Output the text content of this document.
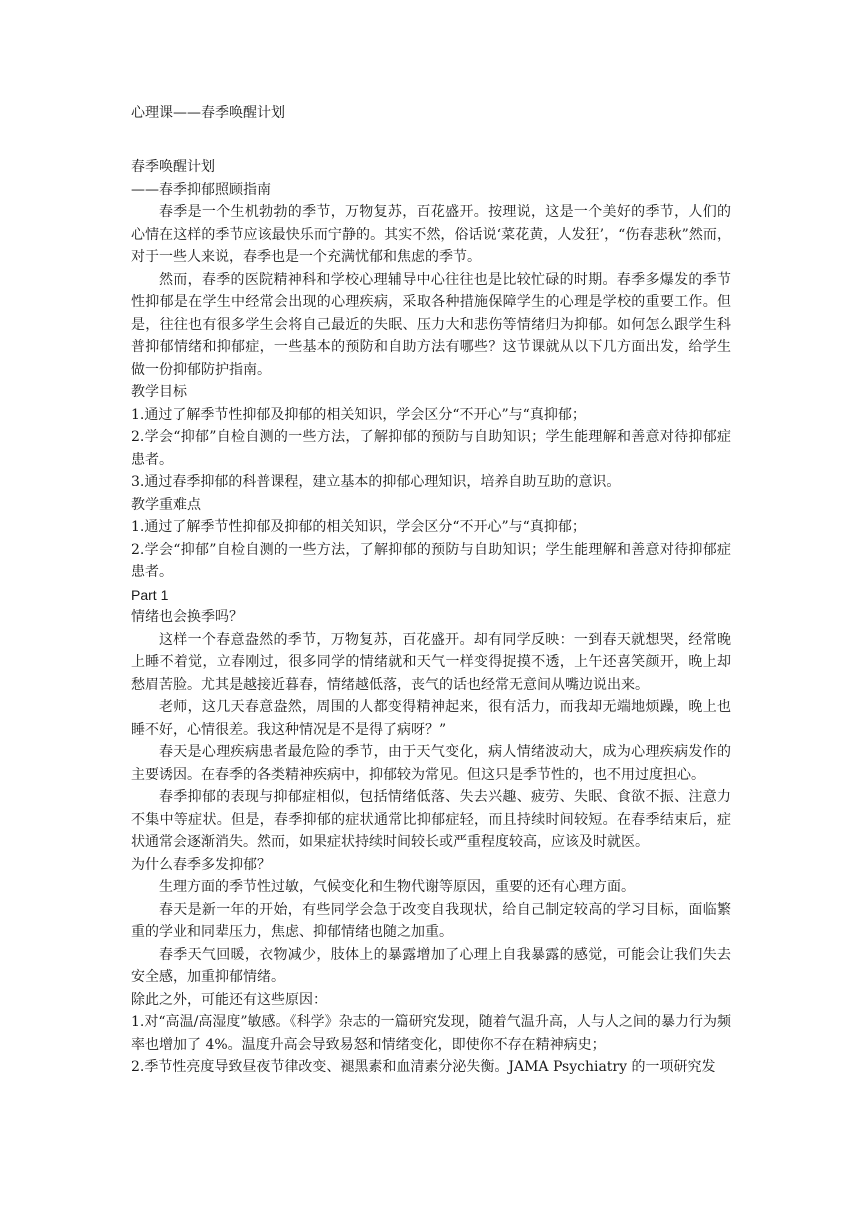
心理课——春季唤醒计划

春季唤醒计划

——春季抑郁照顾指南

春季是一个生机勃勃的季节，万物复苏，百花盛开。按理说，这是一个美好的季节，人们的心情在这样的季节应该最快乐而宁静的。其实不然，俗话说‘菜花黄，人发狂’，“伤春悲秋”然而，对于一些人来说，春季也是一个充满忧郁和焦虑的季节。

然而，春季的医院精神科和学校心理辅导中心往往也是比较忙碌的时期。春季多爆发的季节性抑郁是在学生中经常会出现的心理疾病，采取各种措施保障学生的心理是学校的重要工作。但是，往往也有很多学生会将自己最近的失眠、压力大和悲伤等情绪归为抑郁。如何怎么跟学生科普抑郁情绪和抑郁症，一些基本的预防和自助方法有哪些？这节课就从以下几方面出发，给学生做一份抑郁防护指南。

教学目标

1.通过了解季节性抑郁及抑郁的相关知识，学会区分“不开心”与“真抑郁；

2.学会“抑郁”自检自测的一些方法，了解抑郁的预防与自助知识；学生能理解和善意对待抑郁症患者。

3.通过春季抑郁的科普课程，建立基本的抑郁心理知识，培养自助互助的意识。

教学重难点

1.通过了解季节性抑郁及抑郁的相关知识，学会区分“不开心”与“真抑郁；

2.学会“抑郁”自检自测的一些方法，了解抑郁的预防与自助知识；学生能理解和善意对待抑郁症患者。

Part 1

情绪也会换季吗？

这样一个春意盎然的季节，万物复苏，百花盛开。却有同学反映：一到春天就想哭，经常晚上睡不着觉，立春刚过，很多同学的情绪就和天气一样变得捉摸不透，上午还喜笑颜开，晚上却愁眉苦脸。尤其是越接近暮春，情绪越低落，丧气的话也经常无意间从嘴边说出来。

老师，这几天春意盎然，周围的人都变得精神起来，很有活力，而我却无端地烦躁，晚上也睡不好，心情很差。我这种情况是不是得了病呀？”

春天是心理疾病患者最危险的季节，由于天气变化，病人情绪波动大，成为心理疾病发作的主要诱因。在春季的各类精神疾病中，抑郁较为常见。但这只是季节性的，也不用过度担心。

春季抑郁的表现与抑郁症相似，包括情绪低落、失去兴趣、疲劳、失眠、食欲不振、注意力不集中等症状。但是，春季抑郁的症状通常比抑郁症轻，而且持续时间较短。在春季结束后，症状通常会逐渐消失。然而，如果症状持续时间较长或严重程度较高，应该及时就医。

为什么春季多发抑郁？

生理方面的季节性过敏，气候变化和生物代谢等原因，重要的还有心理方面。

春天是新一年的开始，有些同学会急于改变自我现状，给自己制定较高的学习目标，面临繁重的学业和同辈压力，焦虑、抑郁情绪也随之加重。

春季天气回暖，衣物减少，肢体上的暴露增加了心理上自我暴露的感觉，可能会让我们失去安全感，加重抑郁情绪。

除此之外，可能还有这些原因：

1.对“高温/高湿度”敏感。《科学》杂志的一篇研究发现，随着气温升高，人与人之间的暴力行为频率也增加了 4%。温度升高会导致易怒和情绪变化，即使你不存在精神病史；

2.季节性亮度导致昼夜节律改变、褪黑素和血清素分泌失衡。JAMA Psychiatry 的一项研究发
